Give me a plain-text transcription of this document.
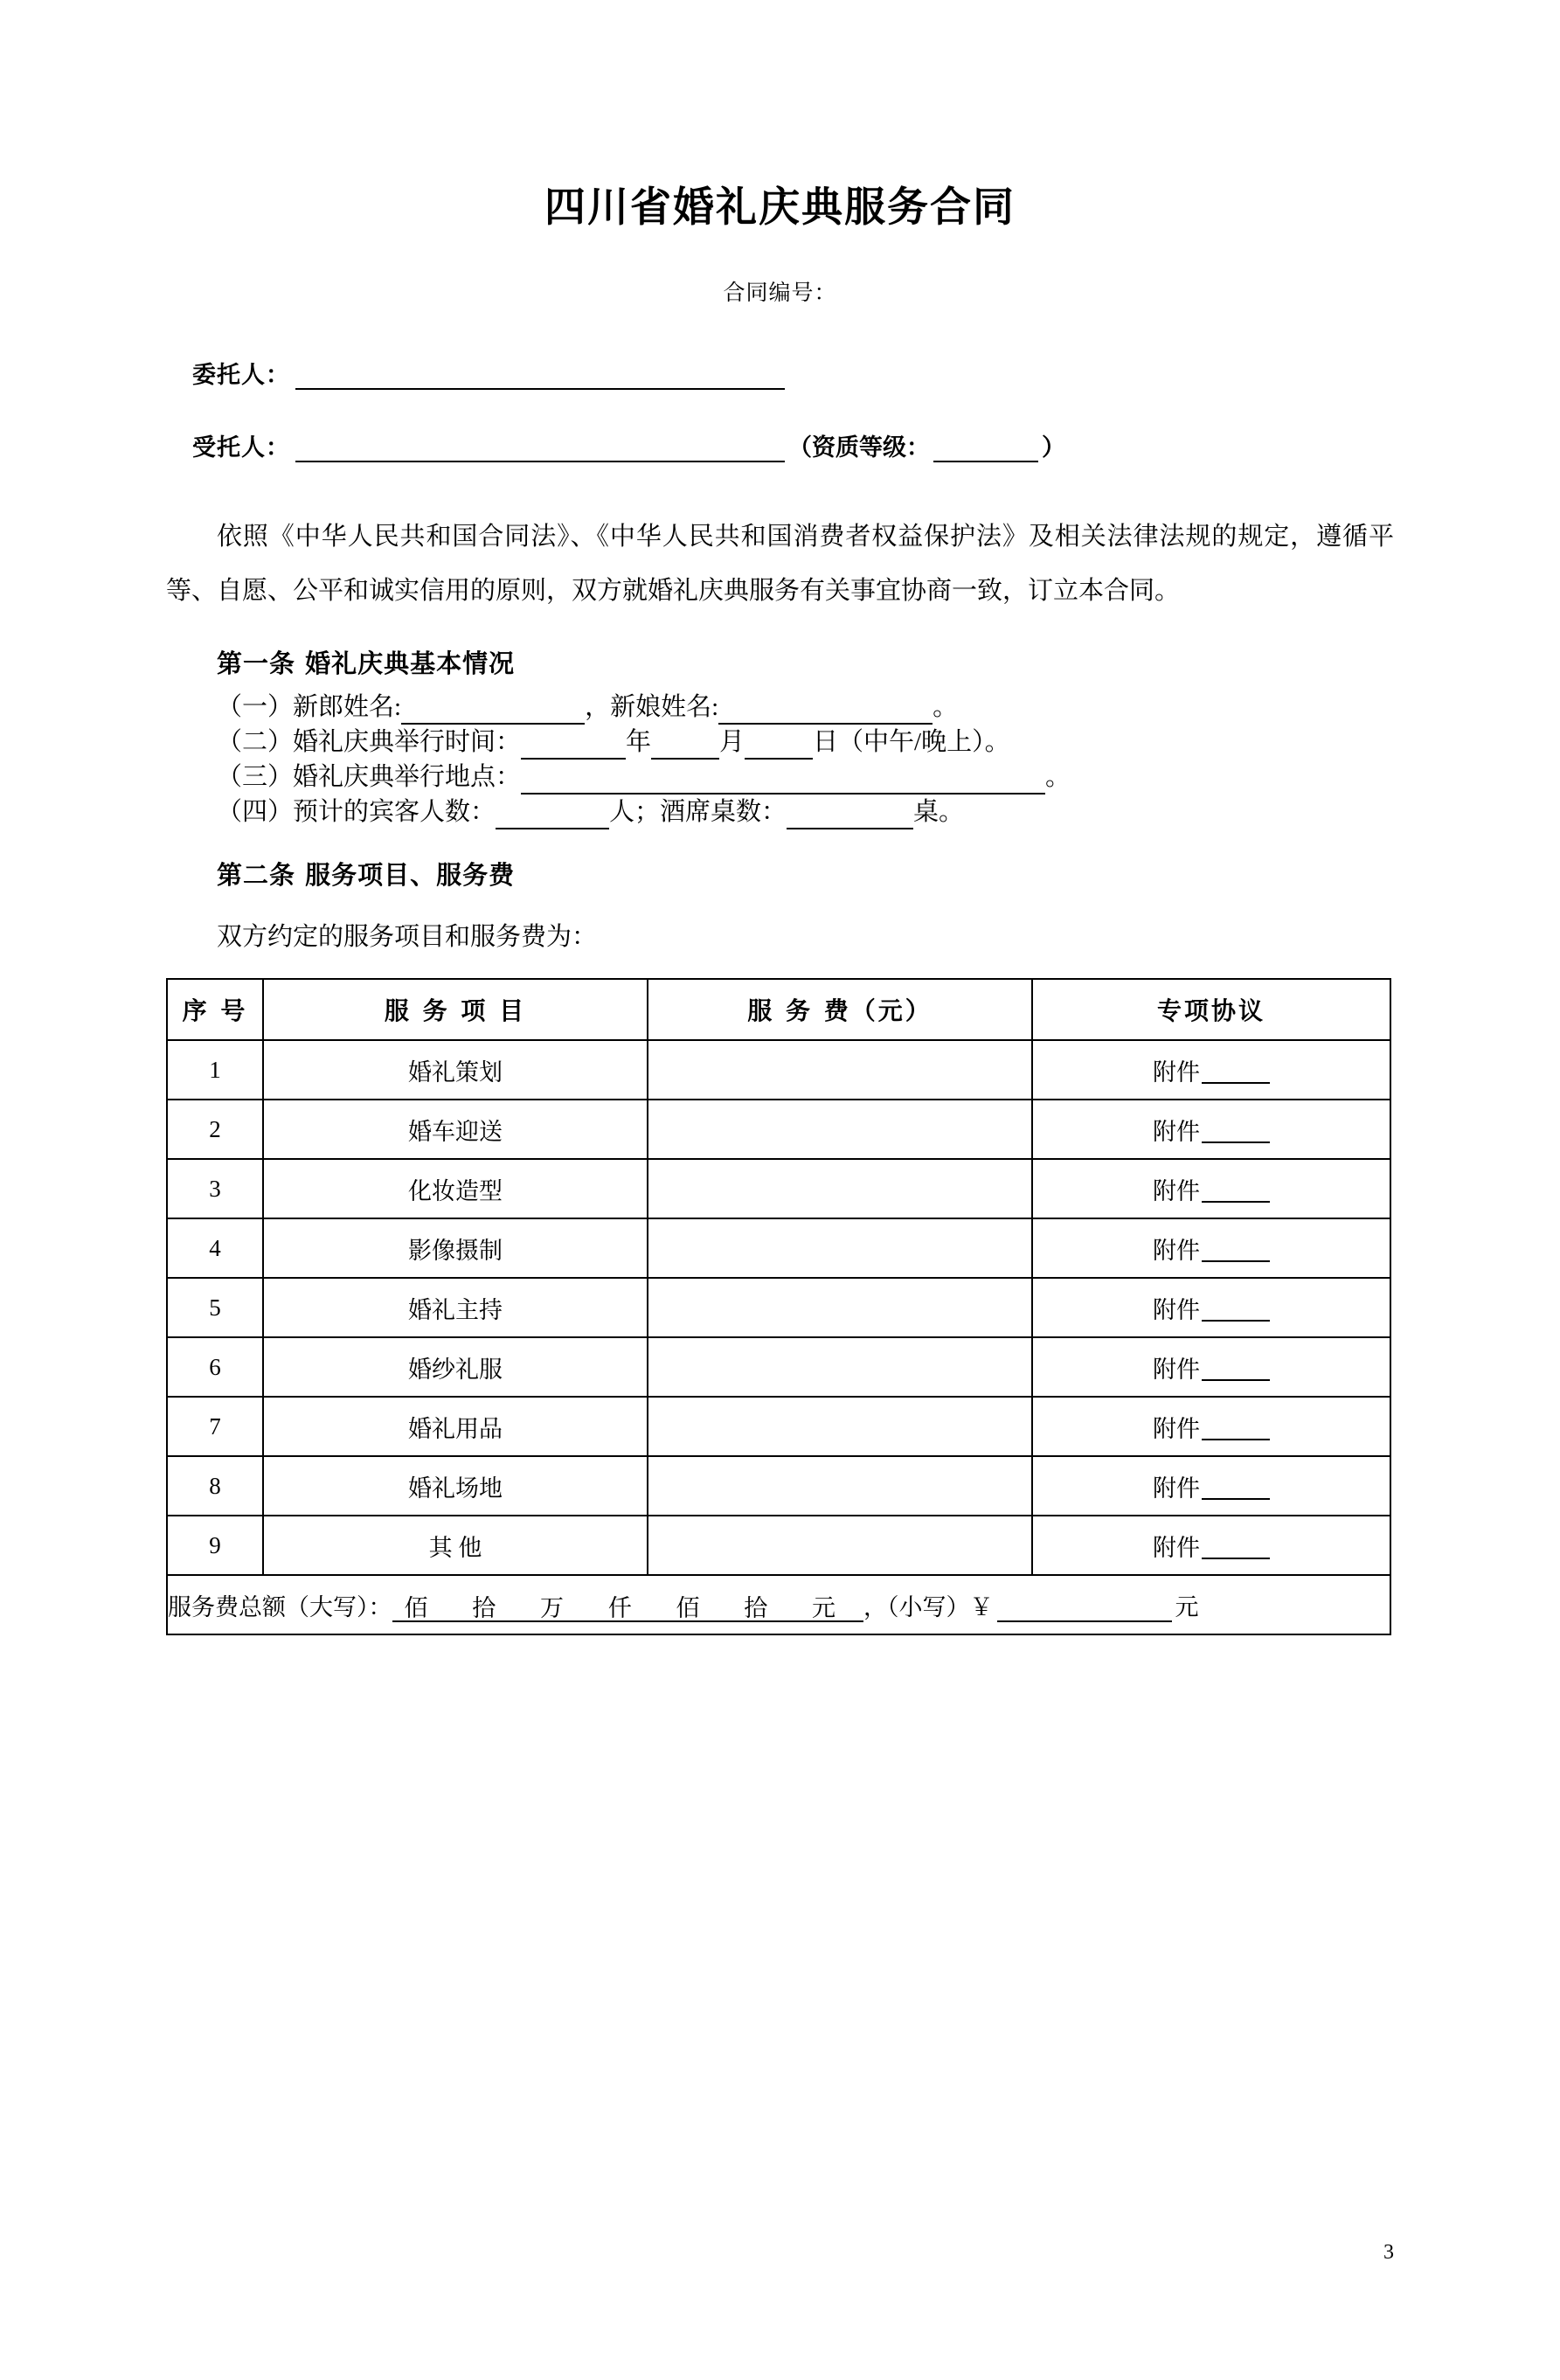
四川省婚礼庆典服务合同
合同编号：
委托人：
受托人：	（资质等级：	）

依照《中华人民共和国合同法》、《中华人民共和国消费者权益保护法》及相关法律法规的规定，遵循平等、自愿、公平和诚实信用的原则，双方就婚礼庆典服务有关事宜协商一致，订立本合同。

第一条 婚礼庆典基本情况
（一）新郎姓名:	，新娘姓名:	。
（二）婚礼庆典举行时间：	年	月	日（中午/晚上）。
（三）婚礼庆典举行地点：	。
（四）预计的宾客人数：	人；酒席桌数：	桌。
第二条 服务项目、服务费
双方约定的服务项目和服务费为：
序 号	服 务 项 目	服 务 费（元）	专项协议
1	婚礼策划		附件
2	婚车迎送		附件
3	化妆造型		附件
4	影像摄制		附件
5	婚礼主持		附件
6	婚纱礼服		附件
7	婚礼用品		附件
8	婚礼场地		附件
9	其 他		附件

服务费总额（大写）： 佰 拾 万 仟 佰 拾 元 ，（小写）￥ 元			
3
